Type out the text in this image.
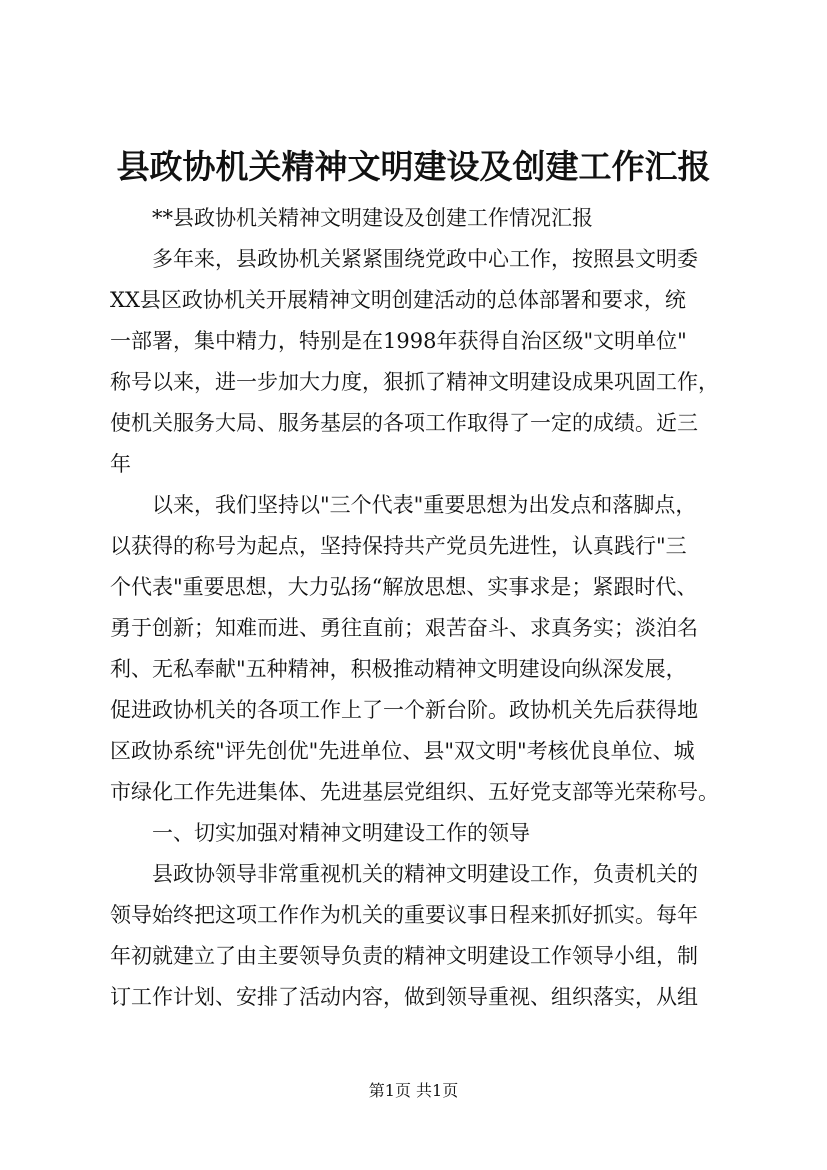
县政协机关精神文明建设及创建工作汇报

**县政协机关精神文明建设及创建工作情况汇报

多年来，县政协机关紧紧围绕党政中心工作，按照县文明委

XX县区政协机关开展精神文明创建活动的总体部署和要求，统

一部署，集中精力，特别是在1998年获得自治区级"文明单位"

称号以来，进一步加大力度，狠抓了精神文明建设成果巩固工作，

使机关服务大局、服务基层的各项工作取得了一定的成绩。近三

年

以来，我们坚持以"三个代表"重要思想为出发点和落脚点，

以获得的称号为起点，坚持保持共产党员先进性，认真践行"三

个代表"重要思想，大力弘扬“解放思想、实事求是；紧跟时代、

勇于创新；知难而进、勇往直前；艰苦奋斗、求真务实；淡泊名

利、无私奉献"五种精神，积极推动精神文明建设向纵深发展，

促进政协机关的各项工作上了一个新台阶。政协机关先后获得地

区政协系统"评先创优"先进单位、县"双文明"考核优良单位、城

市绿化工作先进集体、先进基层党组织、五好党支部等光荣称号。

一、切实加强对精神文明建设工作的领导

县政协领导非常重视机关的精神文明建设工作，负责机关的

领导始终把这项工作作为机关的重要议事日程来抓好抓实。每年

年初就建立了由主要领导负责的精神文明建设工作领导小组，制

订工作计划、安排了活动内容，做到领导重视、组织落实，从组

第1页 共1页
